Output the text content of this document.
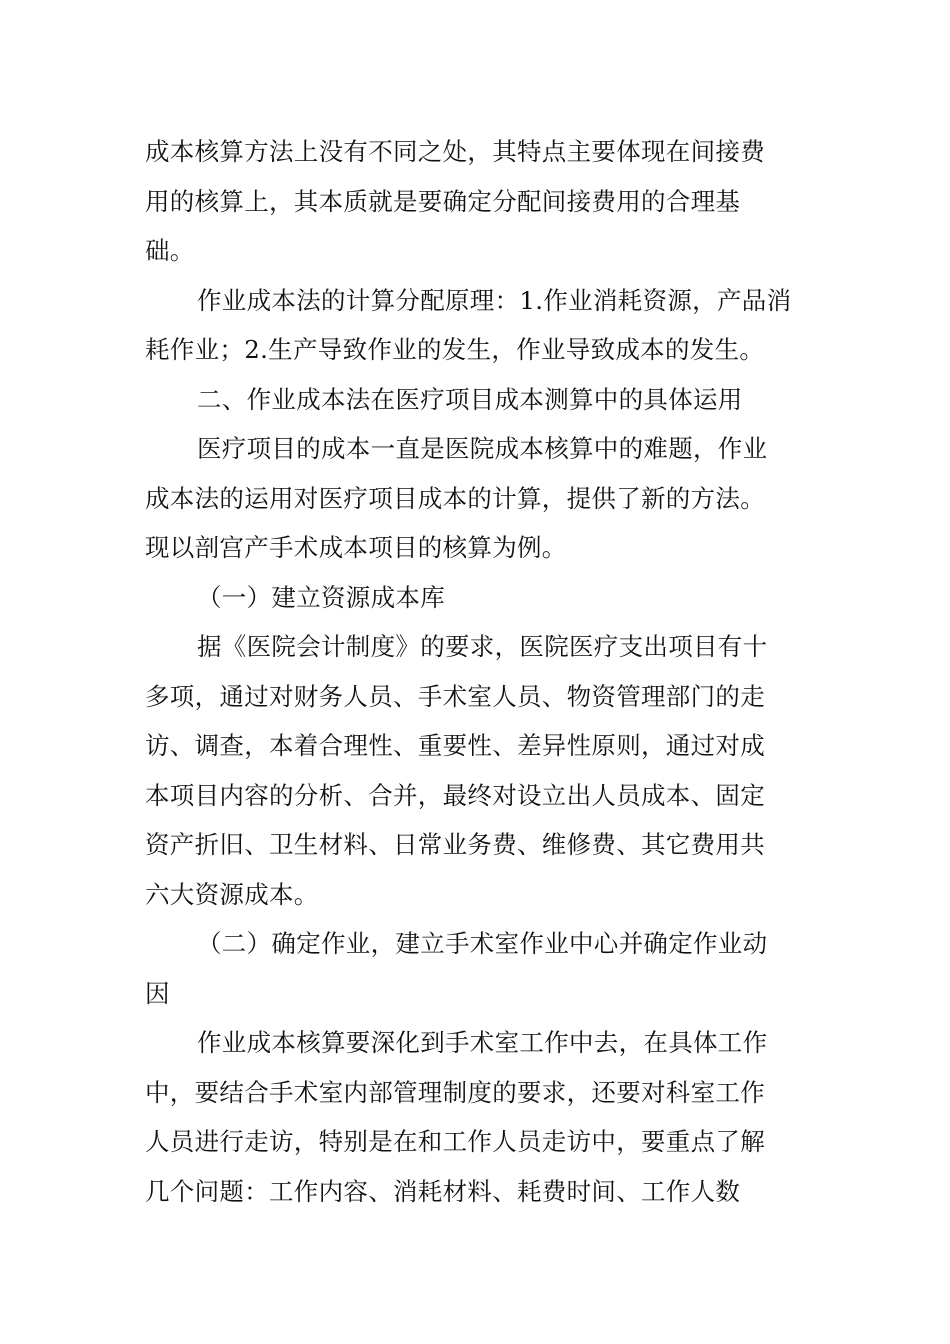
成本核算方法上没有不同之处，其特点主要体现在间接费
用的核算上，其本质就是要确定分配间接费用的合理基
础。

作业成本法的计算分配原理：1.作业消耗资源，产品消
耗作业；2.生产导致作业的发生，作业导致成本的发生。

二、作业成本法在医疗项目成本测算中的具体运用

医疗项目的成本一直是医院成本核算中的难题，作业
成本法的运用对医疗项目成本的计算，提供了新的方法。
现以剖宫产手术成本项目的核算为例。

（一）建立资源成本库

据《医院会计制度》的要求，医院医疗支出项目有十
多项，通过对财务人员、手术室人员、物资管理部门的走
访、调查，本着合理性、重要性、差异性原则，通过对成
本项目内容的分析、合并，最终对设立出人员成本、固定
资产折旧、卫生材料、日常业务费、维修费、其它费用共
六大资源成本。

（二）确定作业，建立手术室作业中心并确定作业动
因

作业成本核算要深化到手术室工作中去，在具体工作
中，要结合手术室内部管理制度的要求，还要对科室工作
人员进行走访，特别是在和工作人员走访中，要重点了解
几个问题：工作内容、消耗材料、耗费时间、工作人数
